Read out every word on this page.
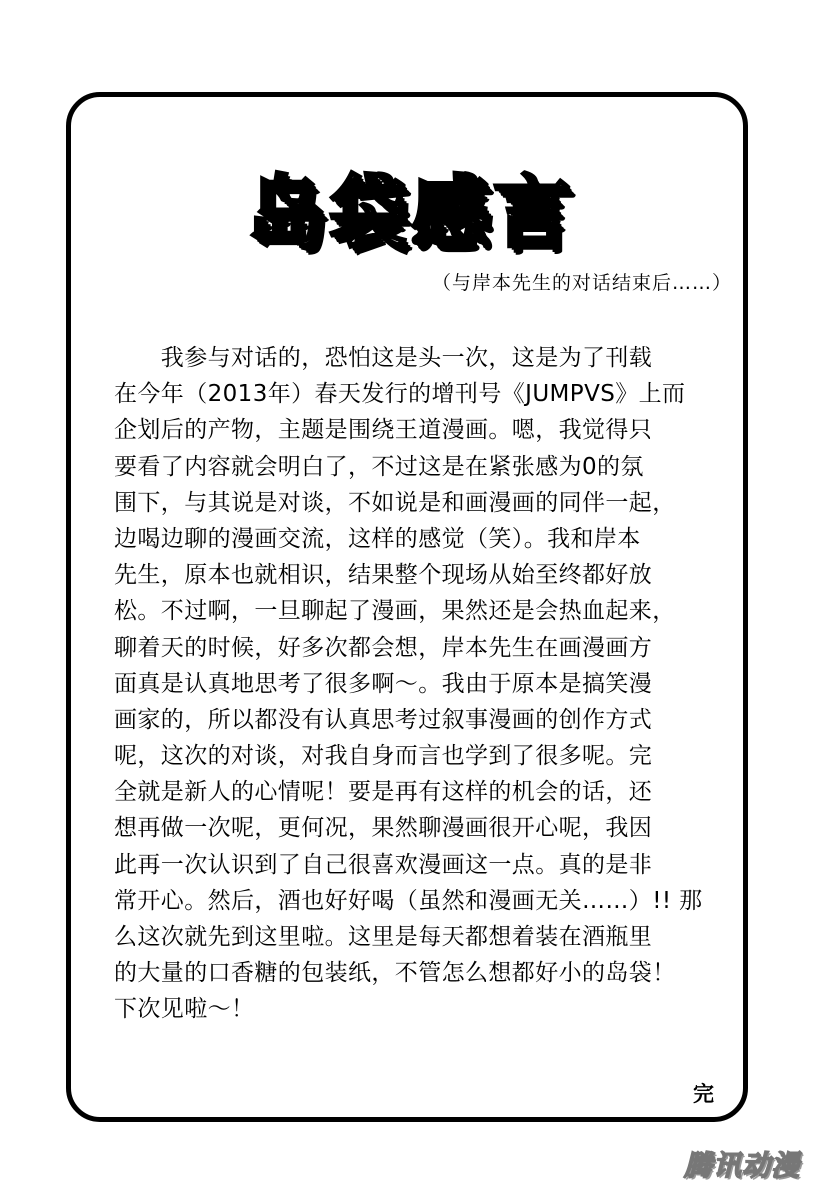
岛袋感言
（与岸本先生的对话结束后……）
　　我参与对话的，恐怕这是头一次，这是为了刊载
在今年（2013年）春天发行的增刊号《JUMPVS》上而
企划后的产物，主题是围绕王道漫画。嗯，我觉得只
要看了内容就会明白了，不过这是在紧张感为0的氛
围下，与其说是对谈，不如说是和画漫画的同伴一起，
边喝边聊的漫画交流，这样的感觉（笑）。我和岸本
先生，原本也就相识，结果整个现场从始至终都好放
松。不过啊，一旦聊起了漫画，果然还是会热血起来，
聊着天的时候，好多次都会想，岸本先生在画漫画方
面真是认真地思考了很多啊～。我由于原本是搞笑漫
画家的，所以都没有认真思考过叙事漫画的创作方式
呢，这次的对谈，对我自身而言也学到了很多呢。完
全就是新人的心情呢！要是再有这样的机会的话，还
想再做一次呢，更何况，果然聊漫画很开心呢，我因
此再一次认识到了自己很喜欢漫画这一点。真的是非
常开心。然后，酒也好好喝（虽然和漫画无关……）!! 那
么这次就先到这里啦。这里是每天都想着装在酒瓶里
的大量的口香糖的包装纸，不管怎么想都好小的岛袋！
下次见啦～！
完
腾讯动漫
